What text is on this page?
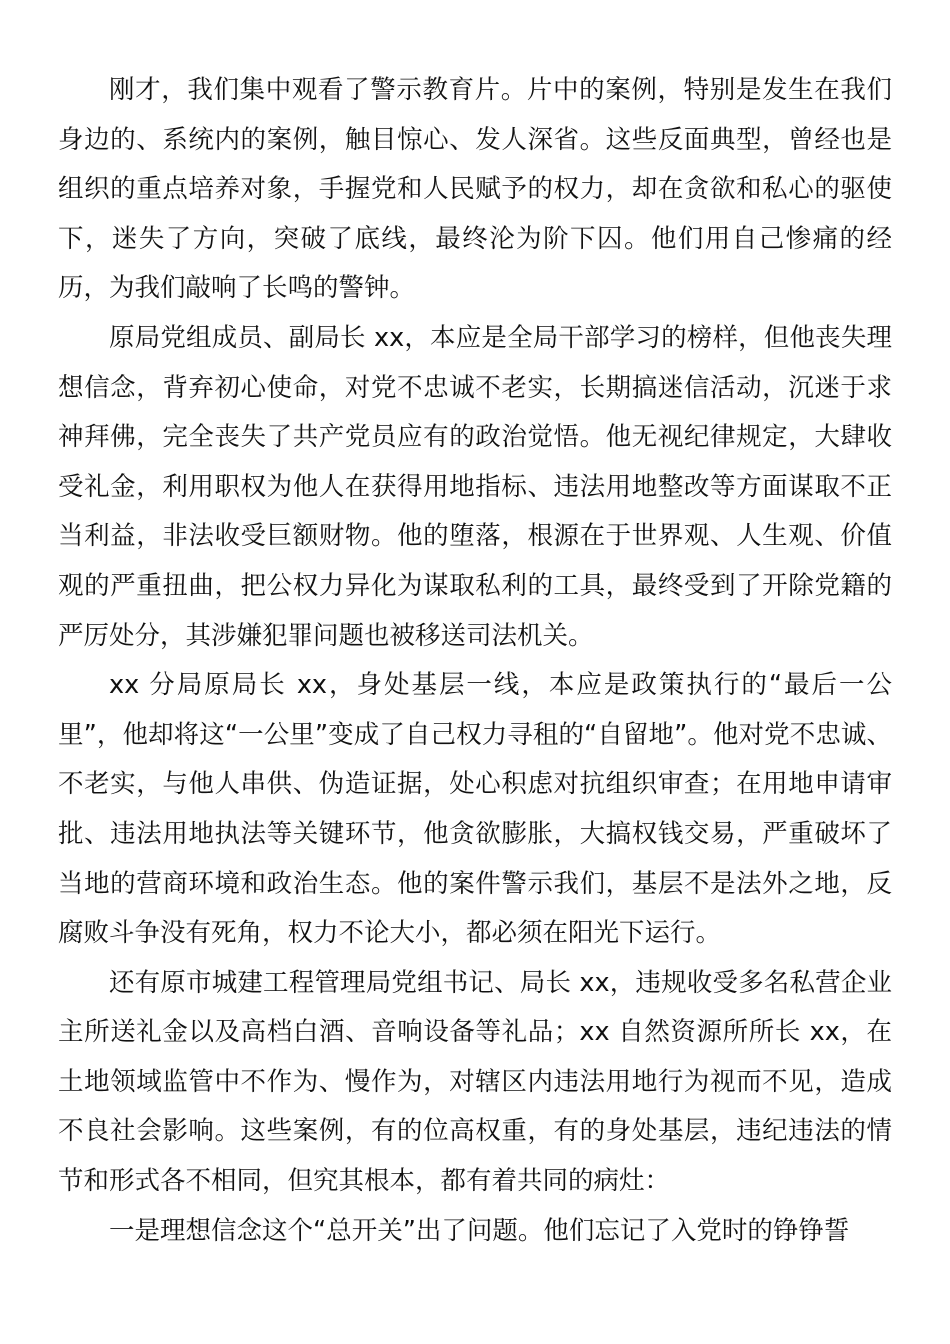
刚才，我们集中观看了警示教育片。片中的案例，特别是发生在我们身边的、系统内的案例，触目惊心、发人深省。这些反面典型，曾经也是组织的重点培养对象，手握党和人民赋予的权力，却在贪欲和私心的驱使下，迷失了方向，突破了底线，最终沦为阶下囚。他们用自己惨痛的经历，为我们敲响了长鸣的警钟。

原局党组成员、副局长 xx，本应是全局干部学习的榜样，但他丧失理想信念，背弃初心使命，对党不忠诚不老实，长期搞迷信活动，沉迷于求神拜佛，完全丧失了共产党员应有的政治觉悟。他无视纪律规定，大肆收受礼金，利用职权为他人在获得用地指标、违法用地整改等方面谋取不正当利益，非法收受巨额财物。他的堕落，根源在于世界观、人生观、价值观的严重扭曲，把公权力异化为谋取私利的工具，最终受到了开除党籍的严厉处分，其涉嫌犯罪问题也被移送司法机关。

xx 分局原局长 xx，身处基层一线，本应是政策执行的“最后一公里”，他却将这“一公里”变成了自己权力寻租的“自留地”。他对党不忠诚、不老实，与他人串供、伪造证据，处心积虑对抗组织审查；在用地申请审批、违法用地执法等关键环节，他贪欲膨胀，大搞权钱交易，严重破坏了当地的营商环境和政治生态。他的案件警示我们，基层不是法外之地，反腐败斗争没有死角，权力不论大小，都必须在阳光下运行。

还有原市城建工程管理局党组书记、局长 xx，违规收受多名私营企业主所送礼金以及高档白酒、音响设备等礼品；xx 自然资源所所长 xx，在土地领域监管中不作为、慢作为，对辖区内违法用地行为视而不见，造成不良社会影响。这些案例，有的位高权重，有的身处基层，违纪违法的情节和形式各不相同，但究其根本，都有着共同的病灶：

一是理想信念这个“总开关”出了问题。他们忘记了入党时的铮铮誓
